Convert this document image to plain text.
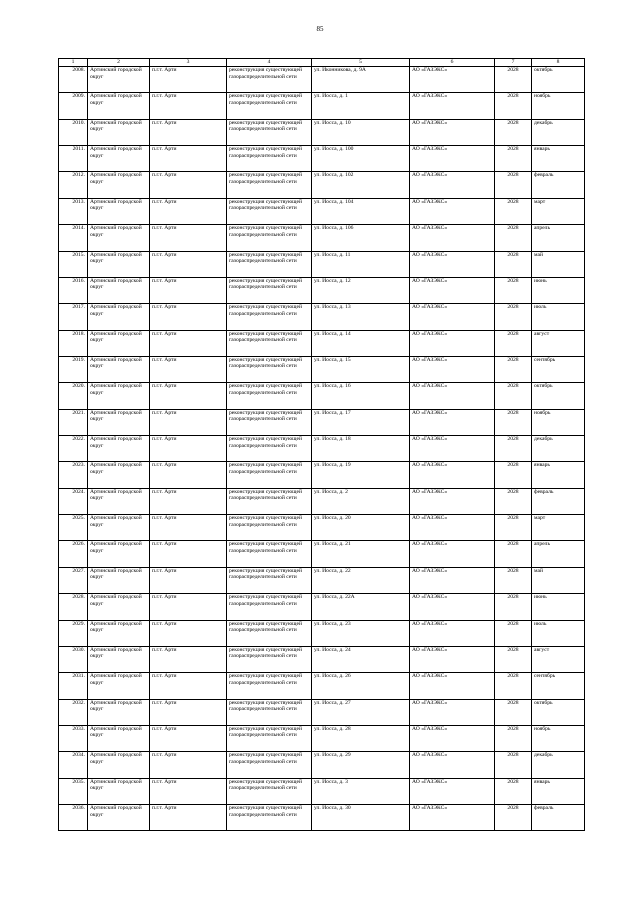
85
1	2	3	4	5	6	7	8
2008.	Артинский городской округ	п.г.т. Арти	реконструкция существующей газораспределительной сети	ул. Иконникова, д. 9А	АО «ГАЗЭКС»	2028	октябрь
2009.	Артинский городской округ	п.г.т. Арти	реконструкция существующей газораспределительной сети	ул. Иосса, д. 1	АО «ГАЗЭКС»	2028	ноябрь
2010.	Артинский городской округ	п.г.т. Арти	реконструкция существующей газораспределительной сети	ул. Иосса, д. 10	АО «ГАЗЭКС»	2028	декабрь
2011.	Артинский городской округ	п.г.т. Арти	реконструкция существующей газораспределительной сети	ул. Иосса, д. 100	АО «ГАЗЭКС»	2028	январь
2012.	Артинский городской округ	п.г.т. Арти	реконструкция существующей газораспределительной сети	ул. Иосса, д. 102	АО «ГАЗЭКС»	2028	февраль
2013.	Артинский городской округ	п.г.т. Арти	реконструкция существующей газораспределительной сети	ул. Иосса, д. 104	АО «ГАЗЭКС»	2028	март
2014.	Артинский городской округ	п.г.т. Арти	реконструкция существующей газораспределительной сети	ул. Иосса, д. 106	АО «ГАЗЭКС»	2028	апрель
2015.	Артинский городской округ	п.г.т. Арти	реконструкция существующей газораспределительной сети	ул. Иосса, д. 11	АО «ГАЗЭКС»	2028	май
2016.	Артинский городской округ	п.г.т. Арти	реконструкция существующей газораспределительной сети	ул. Иосса, д. 12	АО «ГАЗЭКС»	2028	июнь
2017.	Артинский городской округ	п.г.т. Арти	реконструкция существующей газораспределительной сети	ул. Иосса, д. 13	АО «ГАЗЭКС»	2028	июль
2018.	Артинский городской округ	п.г.т. Арти	реконструкция существующей газораспределительной сети	ул. Иосса, д. 14	АО «ГАЗЭКС»	2028	август
2019.	Артинский городской округ	п.г.т. Арти	реконструкция существующей газораспределительной сети	ул. Иосса, д. 15	АО «ГАЗЭКС»	2028	сентябрь
2020.	Артинский городской округ	п.г.т. Арти	реконструкция существующей газораспределительной сети	ул. Иосса, д. 16	АО «ГАЗЭКС»	2028	октябрь
2021.	Артинский городской округ	п.г.т. Арти	реконструкция существующей газораспределительной сети	ул. Иосса, д. 17	АО «ГАЗЭКС»	2028	ноябрь
2022.	Артинский городской округ	п.г.т. Арти	реконструкция существующей газораспределительной сети	ул. Иосса, д. 18	АО «ГАЗЭКС»	2028	декабрь
2023.	Артинский городской округ	п.г.т. Арти	реконструкция существующей газораспределительной сети	ул. Иосса, д. 19	АО «ГАЗЭКС»	2028	январь
2024.	Артинский городской округ	п.г.т. Арти	реконструкция существующей газораспределительной сети	ул. Иосса, д. 2	АО «ГАЗЭКС»	2028	февраль
2025.	Артинский городской округ	п.г.т. Арти	реконструкция существующей газораспределительной сети	ул. Иосса, д. 20	АО «ГАЗЭКС»	2028	март
2026.	Артинский городской округ	п.г.т. Арти	реконструкция существующей газораспределительной сети	ул. Иосса, д. 21	АО «ГАЗЭКС»	2028	апрель
2027.	Артинский городской округ	п.г.т. Арти	реконструкция существующей газораспределительной сети	ул. Иосса, д. 22	АО «ГАЗЭКС»	2028	май
2028.	Артинский городской округ	п.г.т. Арти	реконструкция существующей газораспределительной сети	ул. Иосса, д. 22А	АО «ГАЗЭКС»	2028	июнь
2029.	Артинский городской округ	п.г.т. Арти	реконструкция существующей газораспределительной сети	ул. Иосса, д. 23	АО «ГАЗЭКС»	2028	июль
2030.	Артинский городской округ	п.г.т. Арти	реконструкция существующей газораспределительной сети	ул. Иосса, д. 24	АО «ГАЗЭКС»	2028	август
2031.	Артинский городской округ	п.г.т. Арти	реконструкция существующей газораспределительной сети	ул. Иосса, д. 26	АО «ГАЗЭКС»	2028	сентябрь
2032.	Артинский городской округ	п.г.т. Арти	реконструкция существующей газораспределительной сети	ул. Иосса, д. 27	АО «ГАЗЭКС»	2028	октябрь
2033.	Артинский городской округ	п.г.т. Арти	реконструкция существующей газораспределительной сети	ул. Иосса, д. 28	АО «ГАЗЭКС»	2028	ноябрь
2034.	Артинский городской округ	п.г.т. Арти	реконструкция существующей газораспределительной сети	ул. Иосса, д. 29	АО «ГАЗЭКС»	2028	декабрь
2035.	Артинский городской округ	п.г.т. Арти	реконструкция существующей газораспределительной сети	ул. Иосса, д. 3	АО «ГАЗЭКС»	2028	январь
2036.	Артинский городской округ	п.г.т. Арти	реконструкция существующей газораспределительной сети	ул. Иосса, д. 30	АО «ГАЗЭКС»	2028	февраль
